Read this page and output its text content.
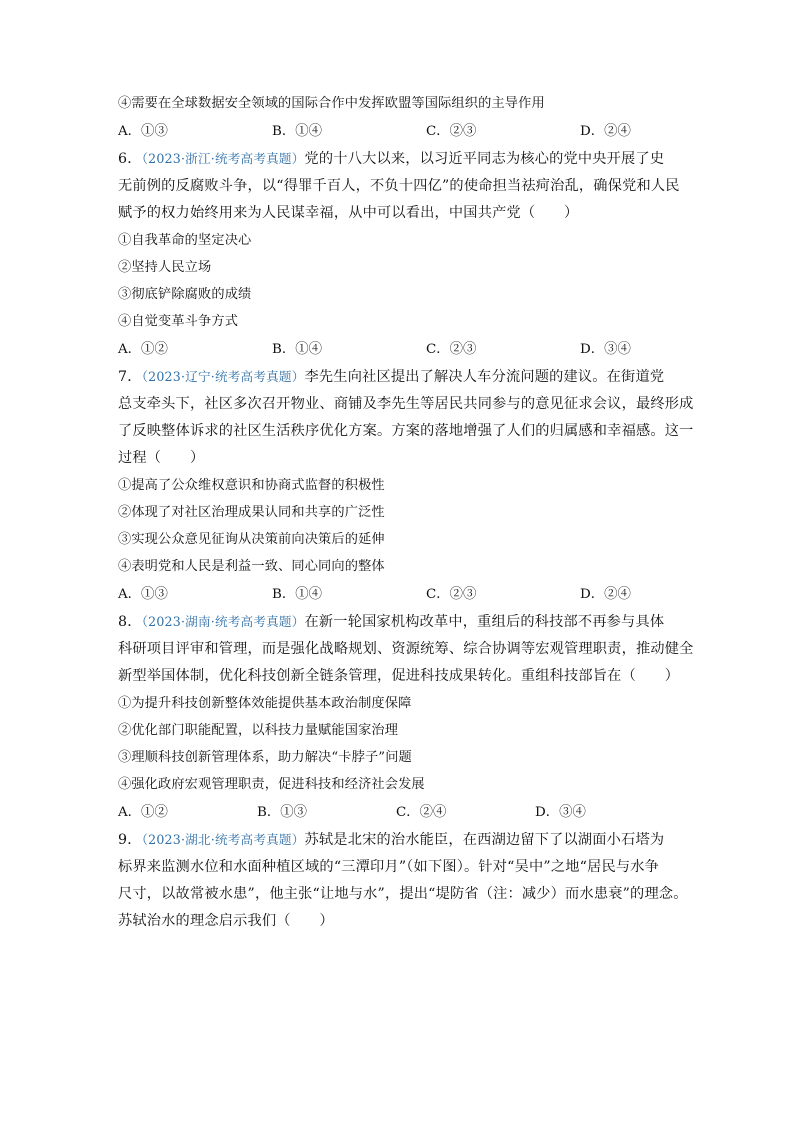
④需要在全球数据安全领域的国际合作中发挥欧盟等国际组织的主导作用
A．①③	B．①④	C．②③	D．②④
6．（2023·浙江·统考高考真题）党的十八大以来，以习近平同志为核心的党中央开展了史
无前例的反腐败斗争，以“得罪千百人，不负十四亿”的使命担当祛疴治乱，确保党和人民
赋予的权力始终用来为人民谋幸福，从中可以看出，中国共产党（　　）
①自我革命的坚定决心
②坚持人民立场
③彻底铲除腐败的成绩
④自觉变革斗争方式
A．①②	B．①④	C．②③	D．③④
7．（2023·辽宁·统考高考真题）李先生向社区提出了解决人车分流问题的建议。在街道党
总支牵头下，社区多次召开物业、商铺及李先生等居民共同参与的意见征求会议，最终形成
了反映整体诉求的社区生活秩序优化方案。方案的落地增强了人们的归属感和幸福感。这一
过程（　　）
①提高了公众维权意识和协商式监督的积极性
②体现了对社区治理成果认同和共享的广泛性
③实现公众意见征询从决策前向决策后的延伸
④表明党和人民是利益一致、同心同向的整体
A．①③	B．①④	C．②③	D．②④
8．（2023·湖南·统考高考真题）在新一轮国家机构改革中，重组后的科技部不再参与具体
科研项目评审和管理，而是强化战略规划、资源统筹、综合协调等宏观管理职责，推动健全
新型举国体制，优化科技创新全链条管理，促进科技成果转化。重组科技部旨在（　　）
①为提升科技创新整体效能提供基本政治制度保障
②优化部门职能配置，以科技力量赋能国家治理
③理顺科技创新管理体系，助力解决“卡脖子”问题
④强化政府宏观管理职责，促进科技和经济社会发展
A．①②	B．①③	C．②④	D．③④
9．（2023·湖北·统考高考真题）苏轼是北宋的治水能臣，在西湖边留下了以湖面小石塔为
标界来监测水位和水面种植区域的“三潭印月”（如下图）。针对“吴中”之地“居民与水争
尺寸，以故常被水患”，他主张“让地与水”，提出“堤防省（注：减少）而水患衰”的理念。
苏轼治水的理念启示我们（　　）
